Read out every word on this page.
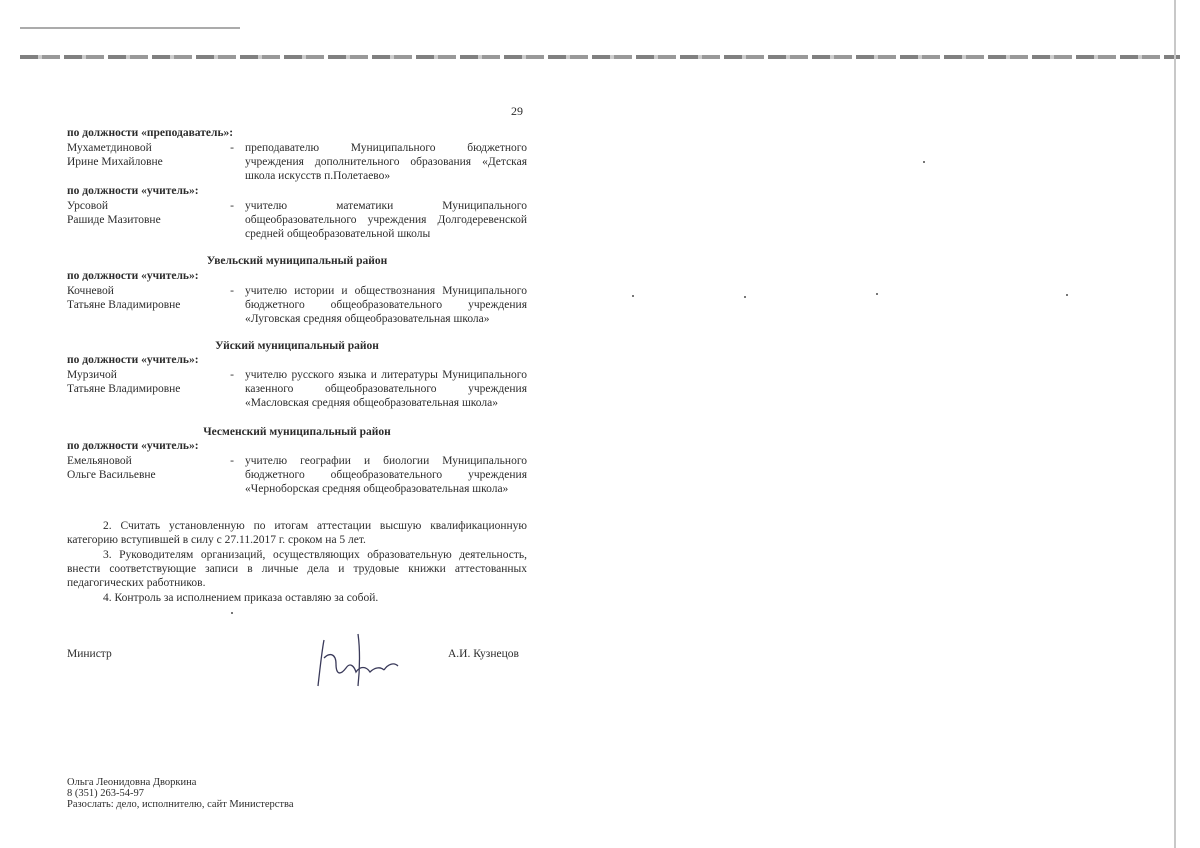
29
по должности «преподаватель»:
Мухаметдиновой
Ирине Михайловне
- преподавателю Муниципального бюджетного учреждения дополнительного образования «Детская школа искусств п.Полетаево»
по должности «учитель»:
Урсовой
Рашиде Мазитовне
- учителю математики Муниципального общеобразовательного учреждения Долгодеревенской средней общеобразовательной школы
Увельский муниципальный район
по должности «учитель»:
Кочневой
Татьяне Владимировне
- учителю истории и обществознания Муниципального бюджетного общеобразовательного учреждения «Луговская средняя общеобразовательная школа»
Уйский муниципальный район
по должности «учитель»:
Мурзичой
Татьяне Владимировне
- учителю русского языка и литературы Муниципального казенного общеобразовательного учреждения «Масловская средняя общеобразовательная школа»
Чесменский муниципальный район
по должности «учитель»:
Емельяновой
Ольге Васильевне
- учителю географии и биологии Муниципального бюджетного общеобразовательного учреждения «Черноборская средняя общеобразовательная школа»
2. Считать установленную по итогам аттестации высшую квалификационную категорию вступившей в силу с 27.11.2017 г. сроком на 5 лет.
3. Руководителям организаций, осуществляющих образовательную деятельность, внести соответствующие записи в личные дела и трудовые книжки аттестованных педагогических работников.
4. Контроль за исполнением приказа оставляю за собой.
Министр	А.И. Кузнецов
Ольга Леонидовна Дворкина
8 (351) 263-54-97
Разослать: дело, исполнителю, сайт Министерства
